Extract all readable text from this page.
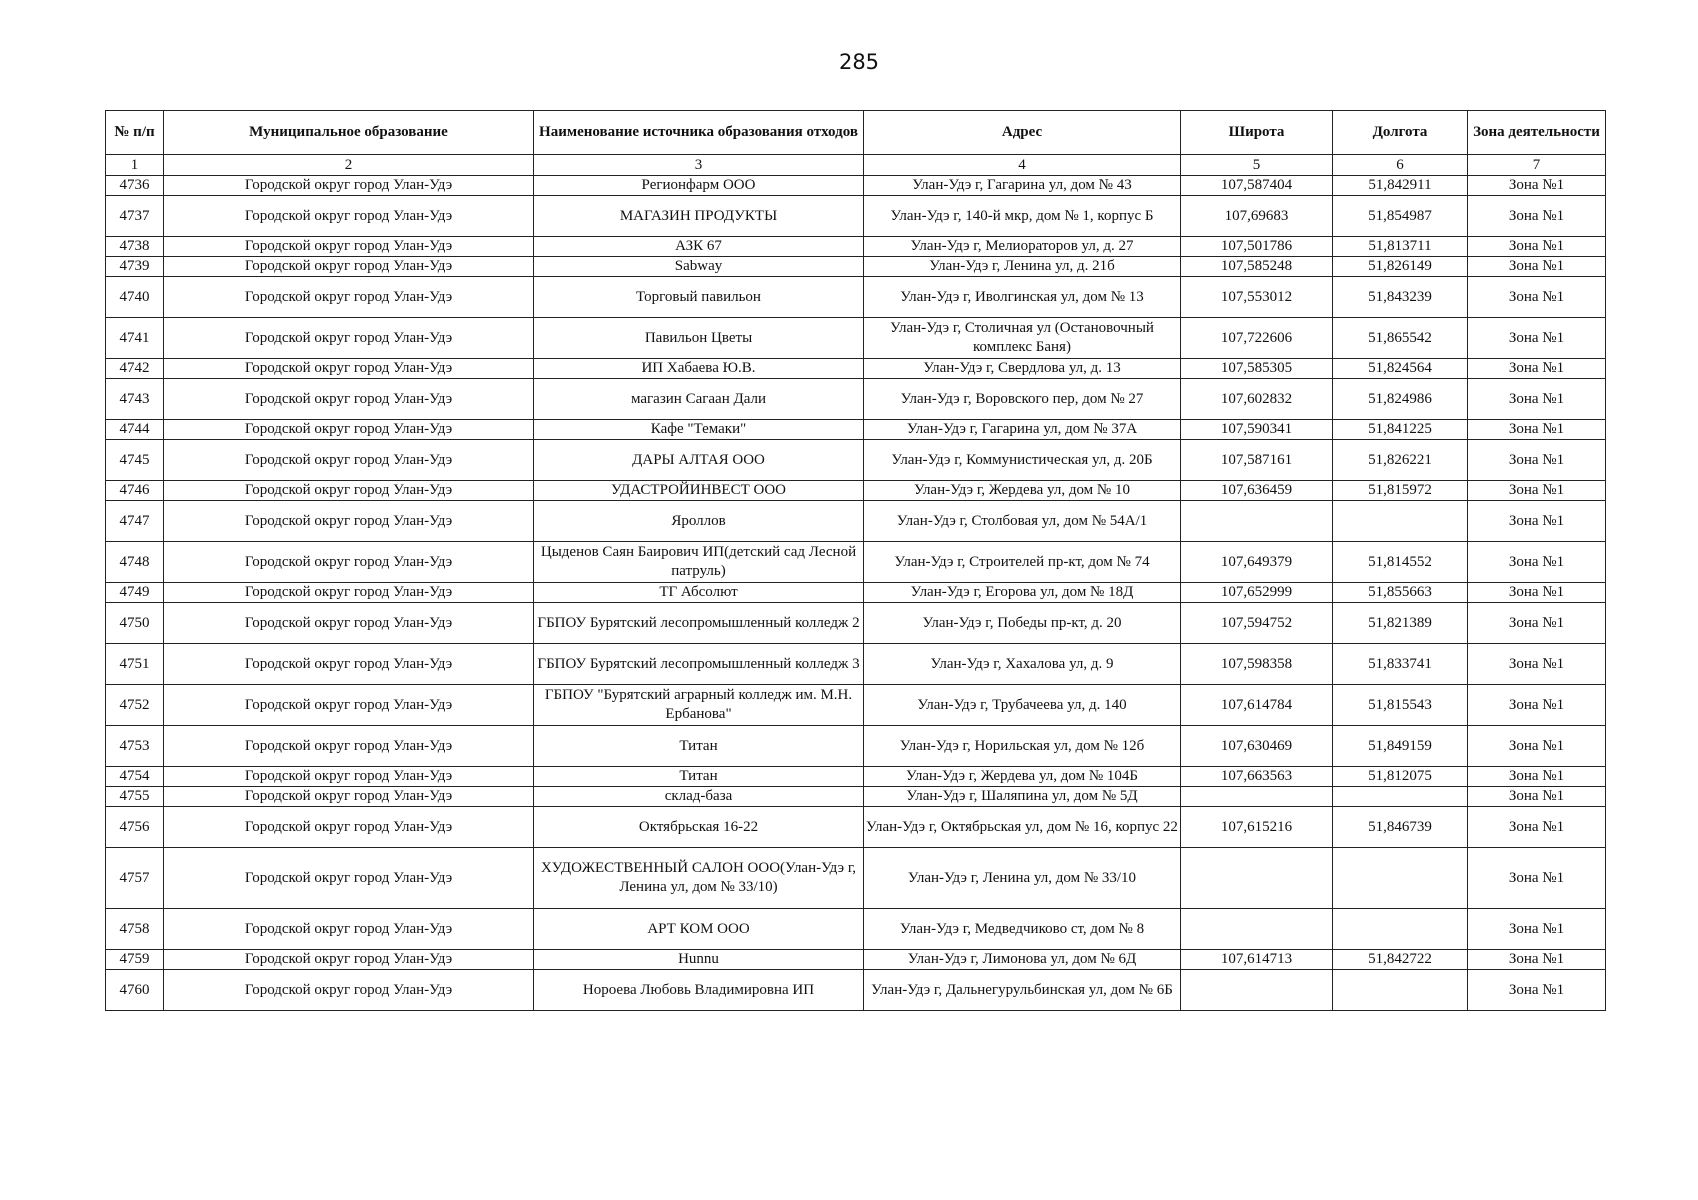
285
№ п/п	Муниципальное образование	Наименование источника образования отходов	Адрес	Широта	Долгота	Зона деятельности
1	2	3	4	5	6	7
4736	Городской округ город Улан-Удэ	Регионфарм ООО	Улан-Удэ г, Гагарина ул, дом № 43	107,587404	51,842911	Зона №1
4737	Городской округ город Улан-Удэ	МАГАЗИН ПРОДУКТЫ	Улан-Удэ г, 140-й мкр, дом № 1, корпус Б	107,69683	51,854987	Зона №1
4738	Городской округ город Улан-Удэ	АЗК 67	Улан-Удэ г, Мелиораторов ул, д. 27	107,501786	51,813711	Зона №1
4739	Городской округ город Улан-Удэ	Sabway	Улан-Удэ г, Ленина ул, д. 21б	107,585248	51,826149	Зона №1
4740	Городской округ город Улан-Удэ	Торговый павильон	Улан-Удэ г, Иволгинская ул, дом № 13	107,553012	51,843239	Зона №1
4741	Городской округ город Улан-Удэ	Павильон Цветы	Улан-Удэ г, Столичная ул (Остановочный комплекс Баня)	107,722606	51,865542	Зона №1
4742	Городской округ город Улан-Удэ	ИП Хабаева Ю.В.	Улан-Удэ г, Свердлова ул, д. 13	107,585305	51,824564	Зона №1
4743	Городской округ город Улан-Удэ	магазин Сагаан Дали	Улан-Удэ г, Воровского пер, дом № 27	107,602832	51,824986	Зона №1
4744	Городской округ город Улан-Удэ	Кафе "Темаки"	Улан-Удэ г, Гагарина ул, дом № 37А	107,590341	51,841225	Зона №1
4745	Городской округ город Улан-Удэ	ДАРЫ АЛТАЯ ООО	Улан-Удэ г, Коммунистическая ул, д. 20Б	107,587161	51,826221	Зона №1
4746	Городской округ город Улан-Удэ	УДАСТРОЙИНВЕСТ ООО	Улан-Удэ г, Жердева ул, дом № 10	107,636459	51,815972	Зона №1
4747	Городской округ город Улан-Удэ	Яроллов	Улан-Удэ г, Столбовая ул, дом № 54А/1			Зона №1
4748	Городской округ город Улан-Удэ	Цыденов Саян Баирович ИП(детский сад Лесной патруль)	Улан-Удэ г, Строителей пр-кт, дом № 74	107,649379	51,814552	Зона №1
4749	Городской округ город Улан-Удэ	ТГ Абсолют	Улан-Удэ г, Егорова ул, дом № 18Д	107,652999	51,855663	Зона №1
4750	Городской округ город Улан-Удэ	ГБПОУ Бурятский лесопромышленный колледж 2	Улан-Удэ г, Победы пр-кт, д. 20	107,594752	51,821389	Зона №1
4751	Городской округ город Улан-Удэ	ГБПОУ Бурятский лесопромышленный колледж 3	Улан-Удэ г, Хахалова ул, д. 9	107,598358	51,833741	Зона №1
4752	Городской округ город Улан-Удэ	ГБПОУ "Бурятский аграрный колледж им. М.Н. Ербанова"	Улан-Удэ г, Трубачеева ул, д. 140	107,614784	51,815543	Зона №1
4753	Городской округ город Улан-Удэ	Титан	Улан-Удэ г, Норильская ул, дом № 12б	107,630469	51,849159	Зона №1
4754	Городской округ город Улан-Удэ	Титан	Улан-Удэ г, Жердева ул, дом № 104Б	107,663563	51,812075	Зона №1
4755	Городской округ город Улан-Удэ	склад-база	Улан-Удэ г, Шаляпина ул, дом № 5Д			Зона №1
4756	Городской округ город Улан-Удэ	Октябрьская 16-22	Улан-Удэ г, Октябрьская ул, дом № 16, корпус 22	107,615216	51,846739	Зона №1
4757	Городской округ город Улан-Удэ	ХУДОЖЕСТВЕННЫЙ САЛОН ООО(Улан-Удэ г, Ленина ул, дом № 33/10)	Улан-Удэ г, Ленина ул, дом № 33/10			Зона №1
4758	Городской округ город Улан-Удэ	АРТ КОМ ООО	Улан-Удэ г, Медведчиково ст, дом № 8			Зона №1
4759	Городской округ город Улан-Удэ	Hunnu	Улан-Удэ г, Лимонова ул, дом № 6Д	107,614713	51,842722	Зона №1
4760	Городской округ город Улан-Удэ	Нороева Любовь Владимировна ИП	Улан-Удэ г, Дальнегурульбинская ул, дом № 6Б			Зона №1
